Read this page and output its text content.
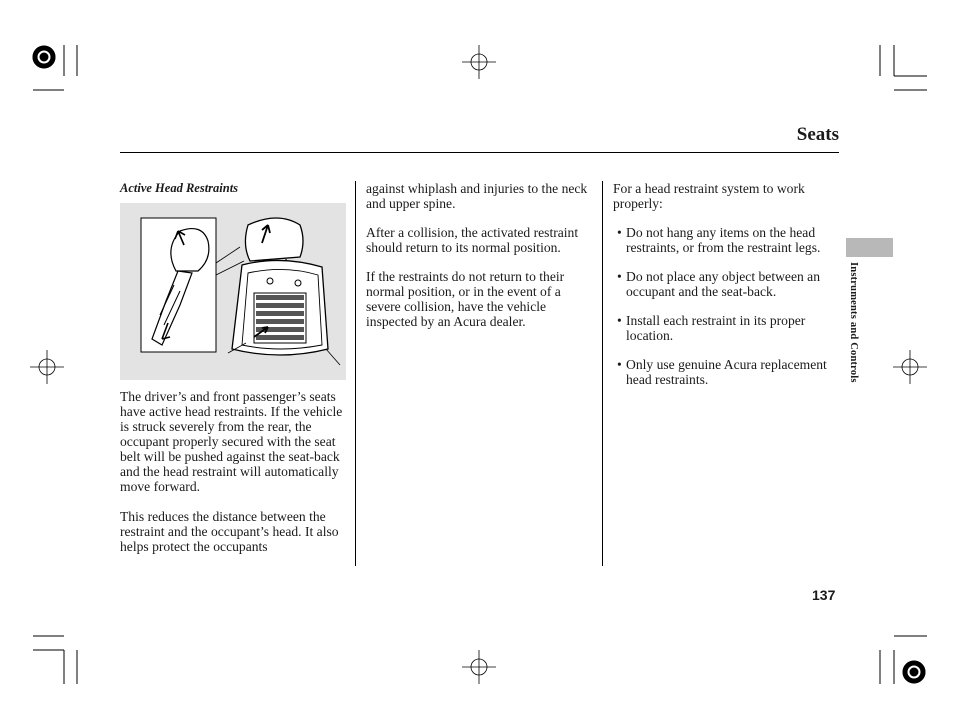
Seats
Instruments and Controls
Active Head Restraints

The driver’s and front passenger’s seats have active head restraints. If the vehicle is struck severely from the rear, the occupant properly secured with the seat belt will be pushed against the seat-back and the head restraint will automatically move forward.

This reduces the distance between the restraint and the occupant’s head. It also helps protect the occupants

against whiplash and injuries to the neck and upper spine.

After a collision, the activated restraint should return to its normal position.

If the restraints do not return to their normal position, or in the event of a severe collision, have the vehicle inspected by an Acura dealer.

For a head restraint system to work properly:

• Do not hang any items on the head restraints, or from the restraint legs.
• Do not place any object between an occupant and the seat-back.
• Install each restraint in its proper location.
• Only use genuine Acura replacement head restraints.
137
